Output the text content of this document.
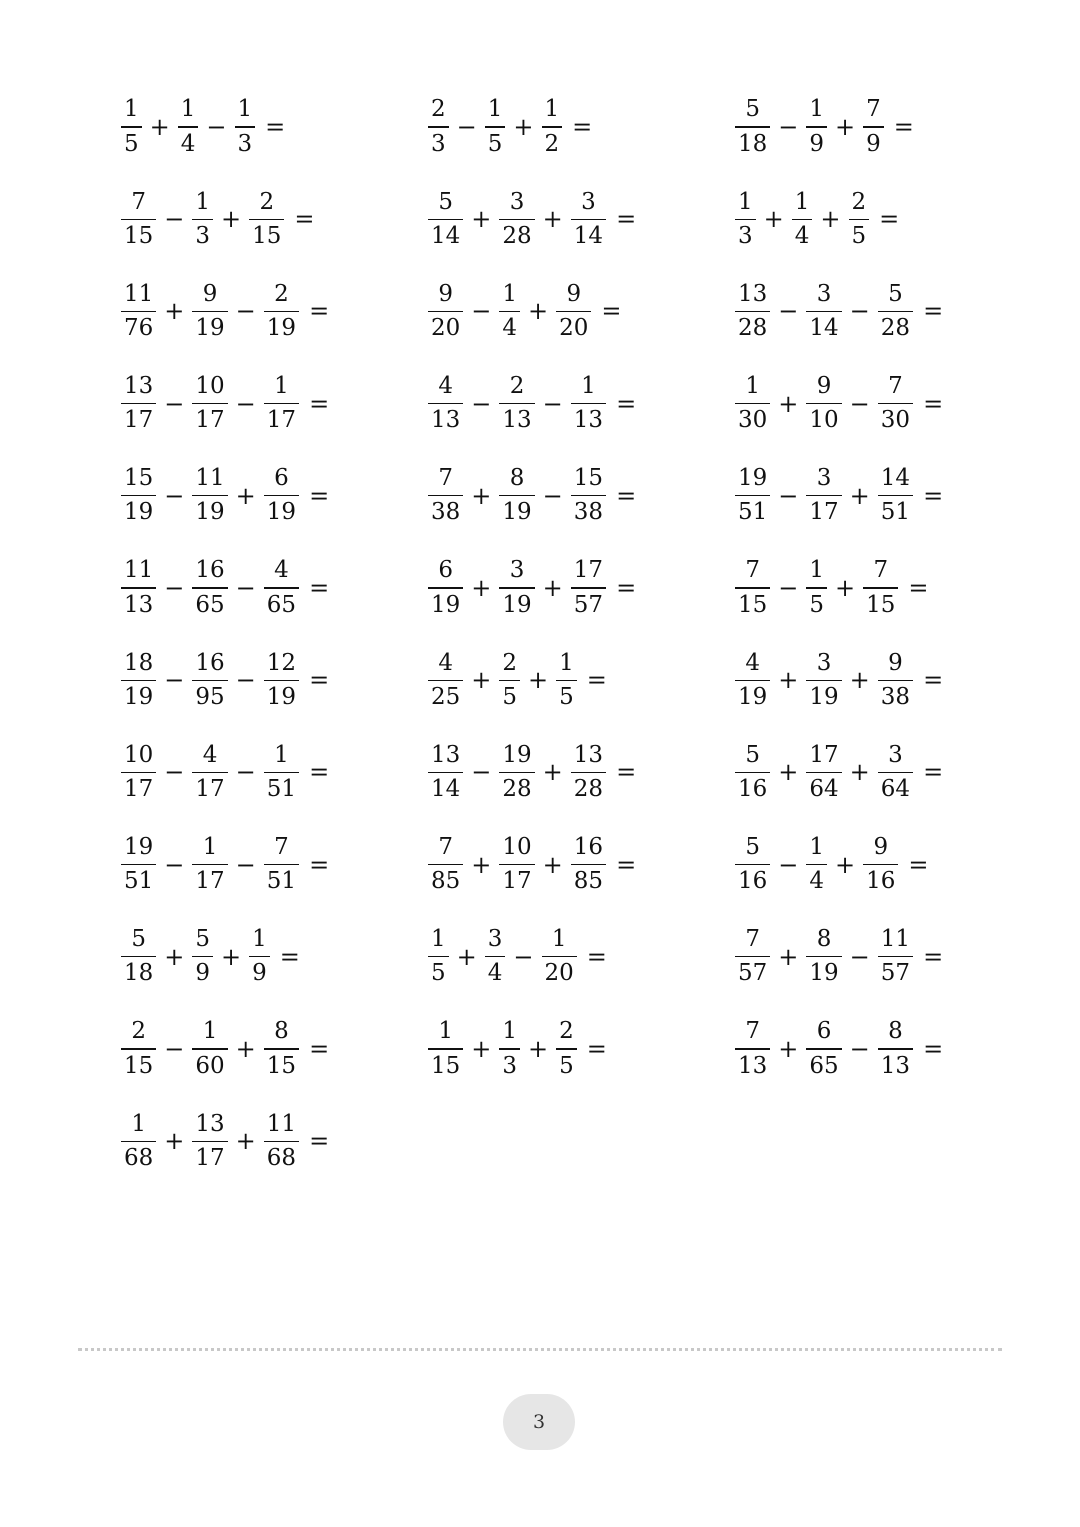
$\frac{1}{5} + \frac{1}{4} - \frac{1}{3}$ =	$\frac{2}{3} - \frac{1}{5} + \frac{1}{2}$ =	$\frac{5}{18} - \frac{1}{9} + \frac{7}{9}$ =
$\frac{7}{15} - \frac{1}{3} + \frac{2}{15}$ =	$\frac{5}{14} + \frac{3}{28} + \frac{3}{14}$ =	$\frac{1}{3} + \frac{1}{4} + \frac{2}{5}$ =
$\frac{11}{76} + \frac{9}{19} - \frac{2}{19}$ =	$\frac{9}{20} - \frac{1}{4} + \frac{9}{20}$ =	$\frac{13}{28} - \frac{3}{14} - \frac{5}{28}$ =
$\frac{13}{17} - \frac{10}{17} - \frac{1}{17}$ =	$\frac{4}{13} - \frac{2}{13} - \frac{1}{13}$ =	$\frac{1}{30} + \frac{9}{10} - \frac{7}{30}$ =
$\frac{15}{19} - \frac{11}{19} + \frac{6}{19}$ =	$\frac{7}{38} + \frac{8}{19} - \frac{15}{38}$ =	$\frac{19}{51} - \frac{3}{17} + \frac{14}{51}$ =
$\frac{11}{13} - \frac{16}{65} - \frac{4}{65}$ =	$\frac{6}{19} + \frac{3}{19} + \frac{17}{57}$ =	$\frac{7}{15} - \frac{1}{5} + \frac{7}{15}$ =
$\frac{18}{19} - \frac{16}{95} - \frac{12}{19}$ =	$\frac{4}{25} + \frac{2}{5} + \frac{1}{5}$ =	$\frac{4}{19} + \frac{3}{19} + \frac{9}{38}$ =
$\frac{10}{17} - \frac{4}{17} - \frac{1}{51}$ =	$\frac{13}{14} - \frac{19}{28} + \frac{13}{28}$ =	$\frac{5}{16} + \frac{17}{64} + \frac{3}{64}$ =
$\frac{19}{51} - \frac{1}{17} - \frac{7}{51}$ =	$\frac{7}{85} + \frac{10}{17} + \frac{16}{85}$ =	$\frac{5}{16} - \frac{1}{4} + \frac{9}{16}$ =
$\frac{5}{18} + \frac{5}{9} + \frac{1}{9}$ =	$\frac{1}{5} + \frac{3}{4} - \frac{1}{20}$ =	$\frac{7}{57} + \frac{8}{19} - \frac{11}{57}$ =
$\frac{2}{15} - \frac{1}{60} + \frac{8}{15}$ =	$\frac{1}{15} + \frac{1}{3} + \frac{2}{5}$ =	$\frac{7}{13} + \frac{6}{65} - \frac{8}{13}$ =
$\frac{1}{68} + \frac{13}{17} + \frac{11}{68}$ =
3
